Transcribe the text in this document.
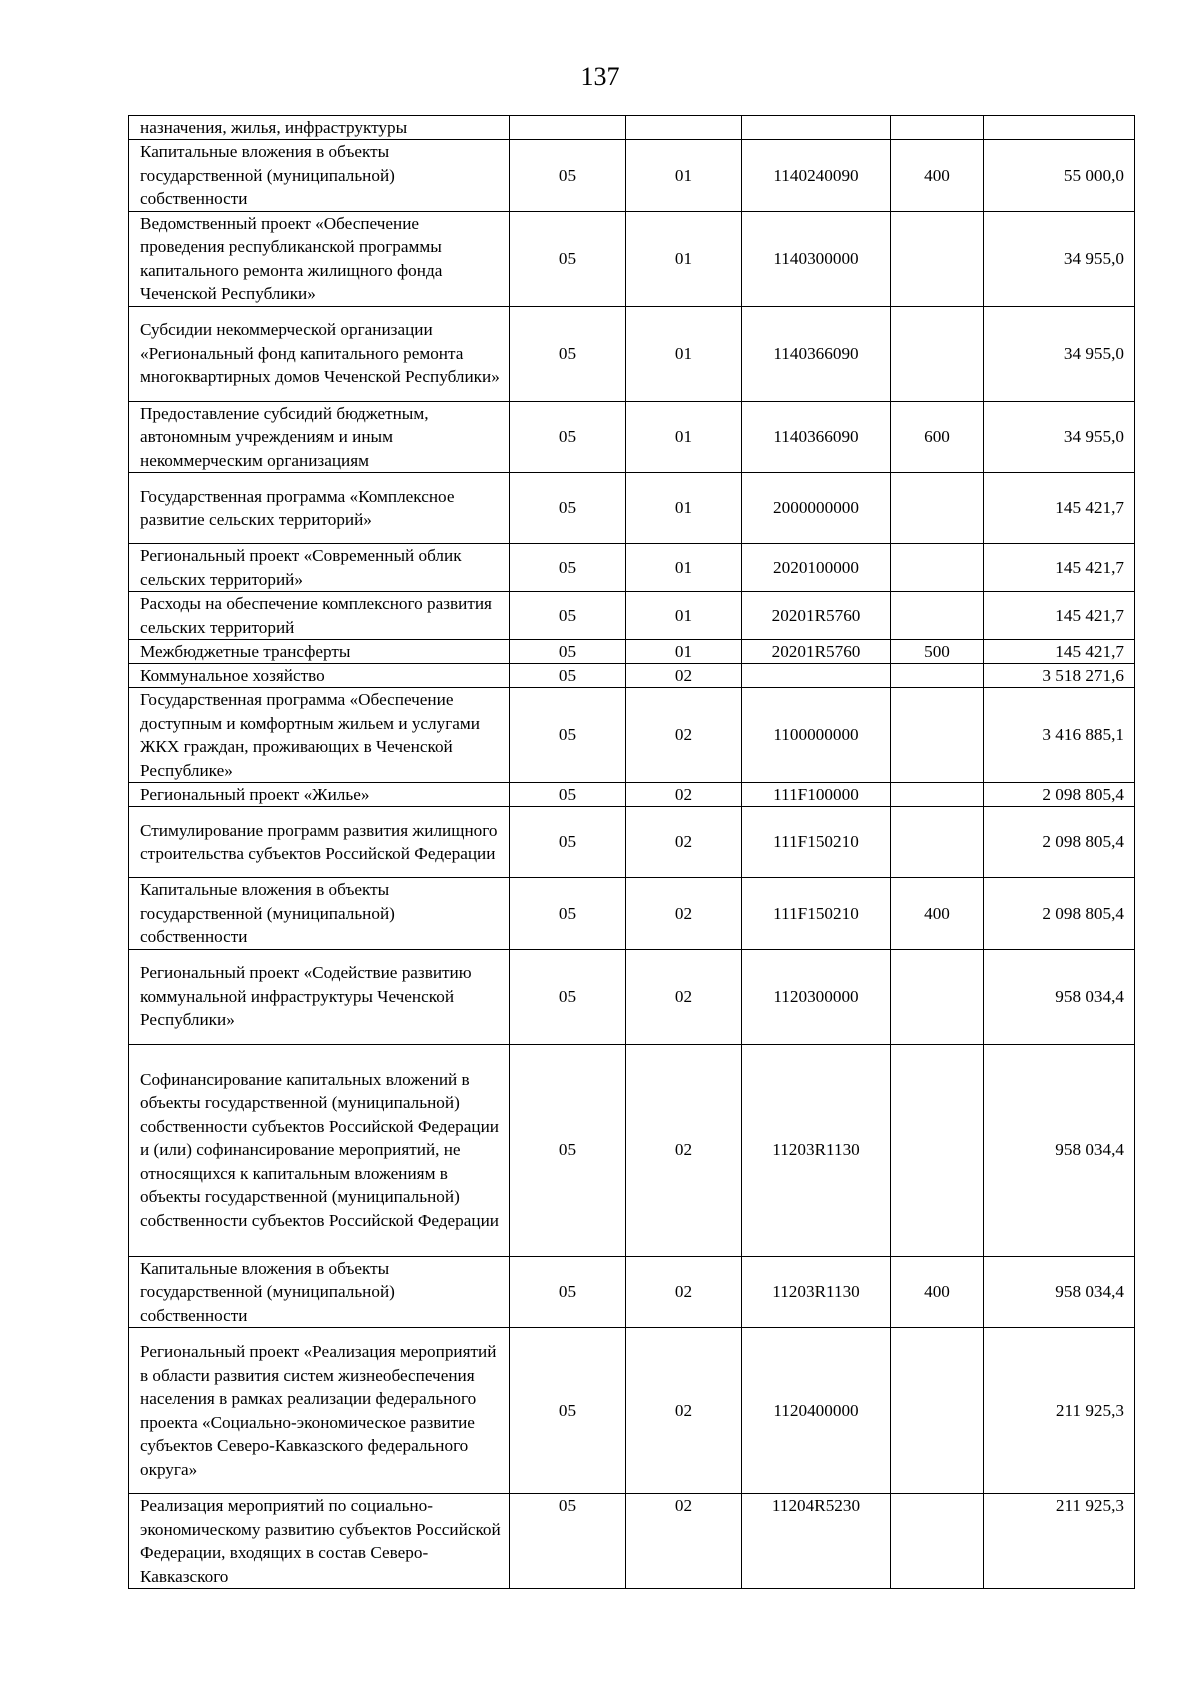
137
назначения, жилья, инфраструктуры					
Капитальные вложения в объекты государственной (муниципальной) собственности	05	01	1140240090	400	55 000,0
Ведомственный проект «Обеспечение проведения республиканской программы капитального ремонта жилищного фонда Чеченской Республики»	05	01	1140300000		34 955,0
Субсидии некоммерческой организации «Региональный фонд капитального ремонта многоквартирных домов Чеченской Республики»	05	01	1140366090		34 955,0
Предоставление субсидий бюджетным, автономным учреждениям и иным некоммерческим организациям	05	01	1140366090	600	34 955,0
Государственная программа «Комплексное развитие сельских территорий»	05	01	2000000000		145 421,7
Региональный проект «Современный облик сельских территорий»	05	01	2020100000		145 421,7
Расходы на обеспечение комплексного развития сельских территорий	05	01	20201R5760		145 421,7
Межбюджетные трансферты	05	01	20201R5760	500	145 421,7
Коммунальное хозяйство	05	02			3 518 271,6
Государственная программа «Обеспечение доступным и комфортным жильем и услугами ЖКХ граждан, проживающих в Чеченской Республике»	05	02	1100000000		3 416 885,1
Региональный проект «Жилье»	05	02	111F100000		2 098 805,4
Стимулирование программ развития жилищного строительства субъектов Российской Федерации	05	02	111F150210		2 098 805,4
Капитальные вложения в объекты государственной (муниципальной) собственности	05	02	111F150210	400	2 098 805,4
Региональный проект «Содействие развитию коммунальной инфраструктуры Чеченской Республики»	05	02	1120300000		958 034,4
Софинансирование капитальных вложений в объекты государственной (муниципальной) собственности субъектов Российской Федерации и (или) софинансирование мероприятий, не относящихся к капитальным вложениям в объекты государственной (муниципальной) собственности субъектов Российской Федерации	05	02	11203R1130		958 034,4
Капитальные вложения в объекты государственной (муниципальной) собственности	05	02	11203R1130	400	958 034,4
Региональный проект «Реализация мероприятий в области развития систем жизнеобеспечения населения в рамках реализации федерального проекта «Социально-экономическое развитие субъектов Северо-Кавказского федерального округа»	05	02	1120400000		211 925,3
Реализация мероприятий по социально-экономическому развитию субъектов Российской Федерации, входящих в состав Северо-Кавказского	05	02	11204R5230		211 925,3
